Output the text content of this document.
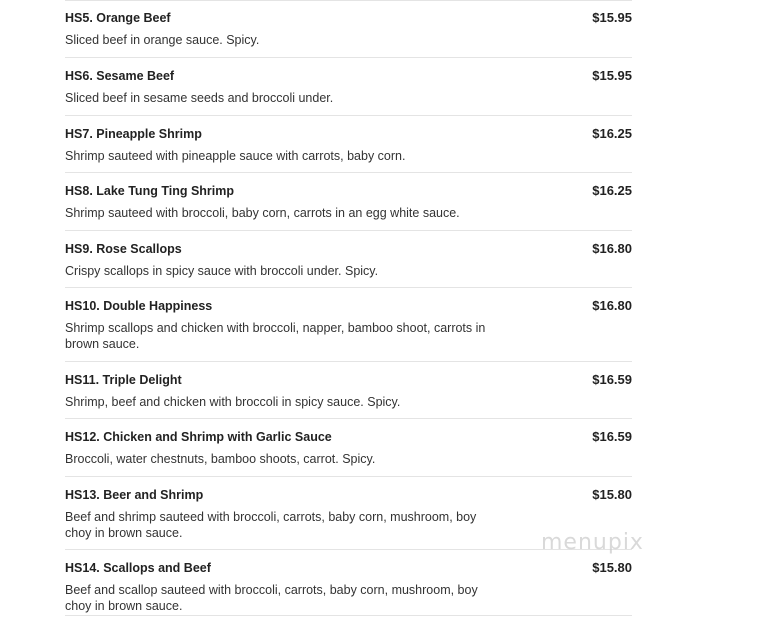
HS5. Orange Beef	$15.95
Sliced beef in orange sauce. Spicy.
HS6. Sesame Beef	$15.95
Sliced beef in sesame seeds and broccoli under.
HS7. Pineapple Shrimp	$16.25
Shrimp sauteed with pineapple sauce with carrots, baby corn.
HS8. Lake Tung Ting Shrimp	$16.25
Shrimp sauteed with broccoli, baby corn, carrots in an egg white sauce.
HS9. Rose Scallops	$16.80
Crispy scallops in spicy sauce with broccoli under. Spicy.
HS10. Double Happiness	$16.80
Shrimp scallops and chicken with broccoli, napper, bamboo shoot, carrots in brown sauce.
HS11. Triple Delight	$16.59
Shrimp, beef and chicken with broccoli in spicy sauce. Spicy.
HS12. Chicken and Shrimp with Garlic Sauce	$16.59
Broccoli, water chestnuts, bamboo shoots, carrot. Spicy.
HS13. Beer and Shrimp	$15.80
Beef and shrimp sauteed with broccoli, carrots, baby corn, mushroom, boy choy in brown sauce.
HS14. Scallops and Beef	$15.80
Beef and scallop sauteed with broccoli, carrots, baby corn, mushroom, boy choy in brown sauce.
menupix
